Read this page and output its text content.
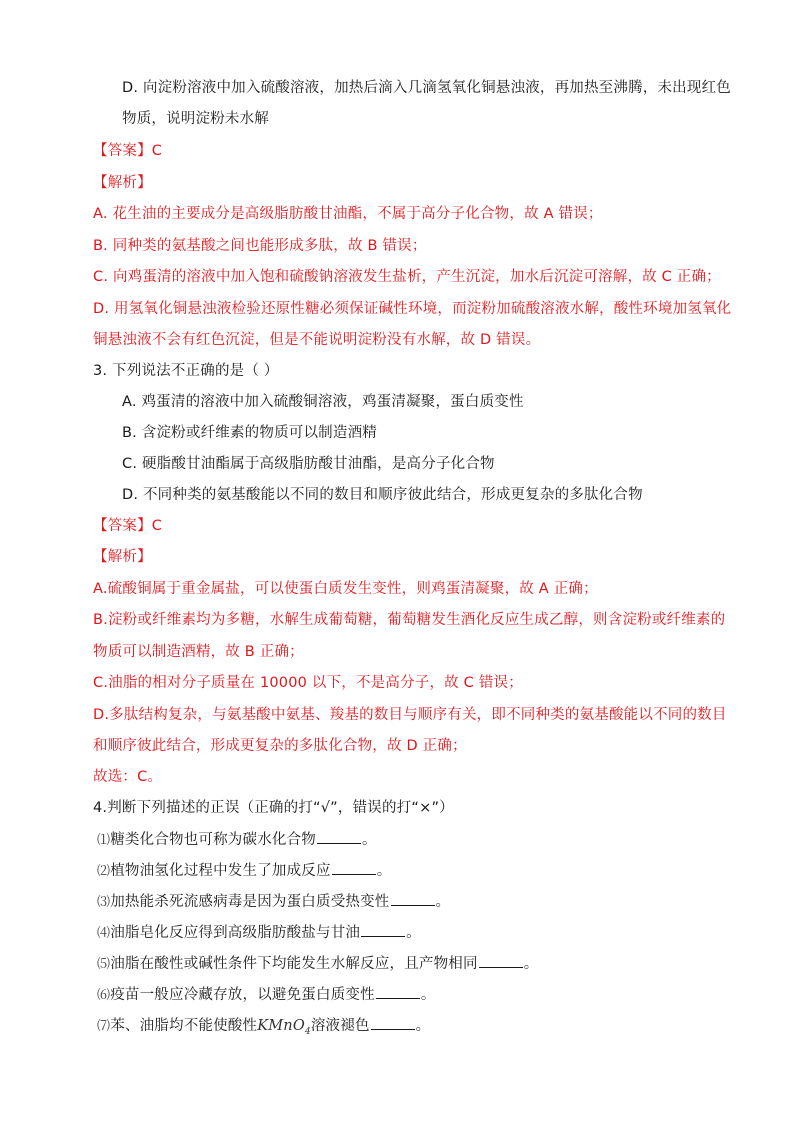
D. 向淀粉溶液中加入硫酸溶液，加热后滴入几滴氢氧化铜悬浊液，再加热至沸腾，未出现红色
物质，说明淀粉未水解
【答案】C
【解析】
A. 花生油的主要成分是高级脂肪酸甘油酯，不属于高分子化合物，故 A 错误；
B. 同种类的氨基酸之间也能形成多肽，故 B 错误；
C. 向鸡蛋清的溶液中加入饱和硫酸钠溶液发生盐析，产生沉淀，加水后沉淀可溶解，故 C 正确；
D. 用氢氧化铜悬浊液检验还原性糖必须保证碱性环境，而淀粉加硫酸溶液水解，酸性环境加氢氧化
铜悬浊液不会有红色沉淀，但是不能说明淀粉没有水解，故 D 错误。
3. 下列说法不正确的是（ ）
A. 鸡蛋清的溶液中加入硫酸铜溶液，鸡蛋清凝聚，蛋白质变性
B. 含淀粉或纤维素的物质可以制造酒精
C. 硬脂酸甘油酯属于高级脂肪酸甘油酯，是高分子化合物
D. 不同种类的氨基酸能以不同的数目和顺序彼此结合，形成更复杂的多肽化合物
【答案】C
【解析】
A.硫酸铜属于重金属盐，可以使蛋白质发生变性，则鸡蛋清凝聚，故 A 正确；
B.淀粉或纤维素均为多糖，水解生成葡萄糖，葡萄糖发生酒化反应生成乙醇，则含淀粉或纤维素的
物质可以制造酒精，故 B 正确；
C.油脂的相对分子质量在 10000 以下，不是高分子，故 C 错误；
D.多肽结构复杂，与氨基酸中氨基、羧基的数目与顺序有关，即不同种类的氨基酸能以不同的数目
和顺序彼此结合，形成更复杂的多肽化合物，故 D 正确；
故选：C。
4.判断下列描述的正误（正确的打“√”，错误的打“×”）
⑴糖类化合物也可称为碳水化合物	。
⑵植物油氢化过程中发生了加成反应	。
⑶加热能杀死流感病毒是因为蛋白质受热变性	。
⑷油脂皂化反应得到高级脂肪酸盐与甘油	。
⑸油脂在酸性或碱性条件下均能发生水解反应，且产物相同	。
⑹疫苗一般应冷藏存放，以避免蛋白质变性	。
⑺苯、油脂均不能使酸性KMnO$_4$溶液褪色	。
